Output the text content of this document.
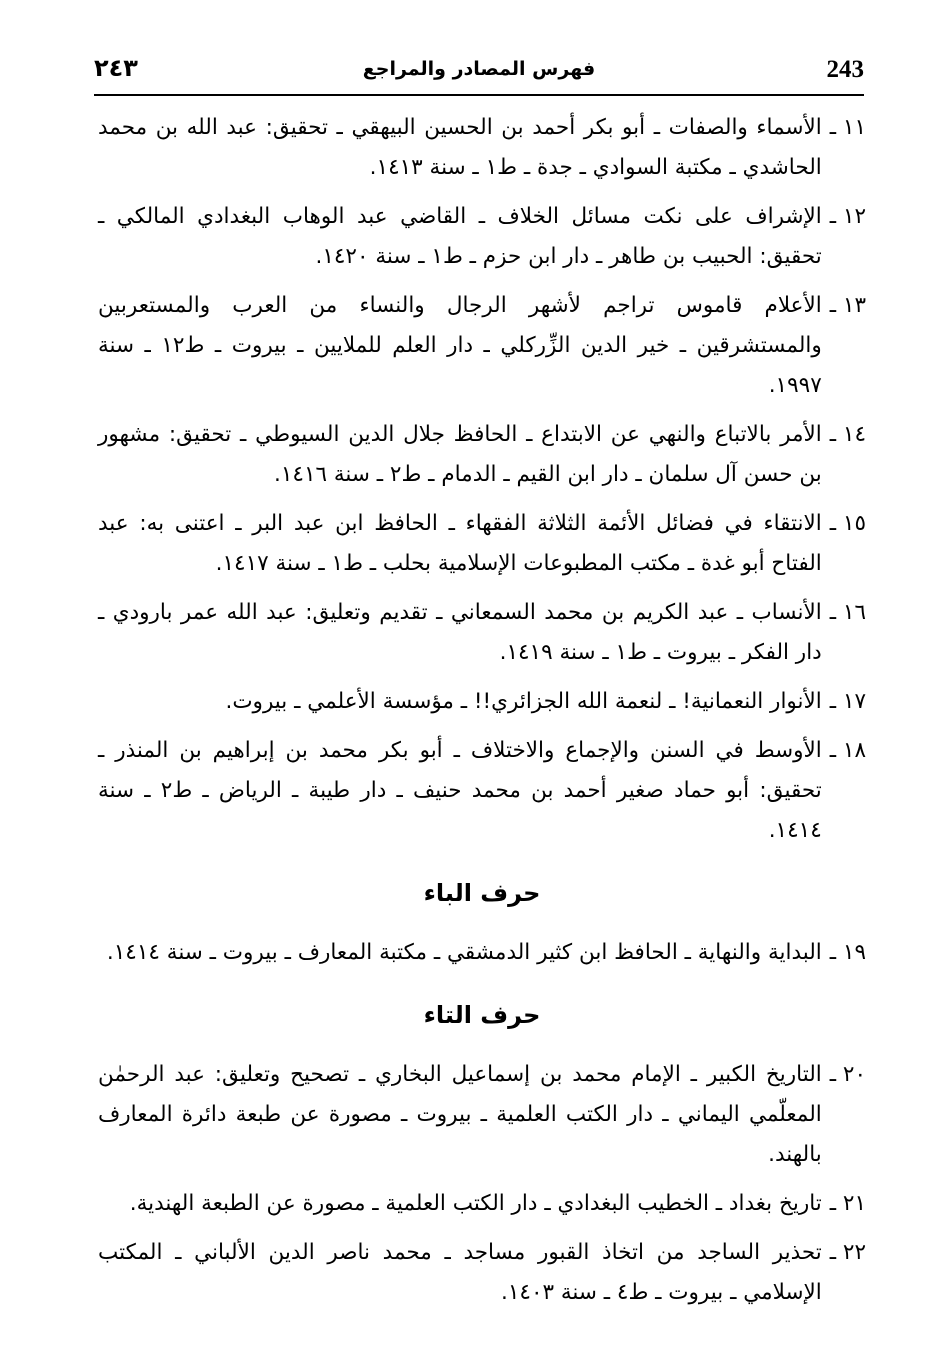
243
فهرس المصادر والمراجع
٢٤٣
١١ ـ
الأسماء والصفات ـ أبو بكر أحمد بن الحسين البيهقي ـ تحقيق: عبد الله بن محمد الحاشدي ـ مكتبة السوادي ـ جدة ـ ط١ ـ سنة ١٤١٣.
١٢ ـ
الإشراف على نكت مسائل الخلاف ـ القاضي عبد الوهاب البغدادي المالكي ـ تحقيق: الحبيب بن طاهر ـ دار ابن حزم ـ ط١ ـ سنة ١٤٢٠.
١٣ ـ
الأعلام قاموس تراجم لأشهر الرجال والنساء من العرب والمستعربين والمستشرقين ـ خير الدين الزِّركلي ـ دار العلم للملايين ـ بيروت ـ ط١٢ ـ سنة ١٩٩٧.
١٤ ـ
الأمر بالاتباع والنهي عن الابتداع ـ الحافظ جلال الدين السيوطي ـ تحقيق: مشهور بن حسن آل سلمان ـ دار ابن القيم ـ الدمام ـ ط٢ ـ سنة ١٤١٦.
١٥ ـ
الانتقاء في فضائل الأئمة الثلاثة الفقهاء ـ الحافظ ابن عبد البر ـ اعتنى به: عبد الفتاح أبو غدة ـ مكتب المطبوعات الإسلامية بحلب ـ ط١ ـ سنة ١٤١٧.
١٦ ـ
الأنساب ـ عبد الكريم بن محمد السمعاني ـ تقديم وتعليق: عبد الله عمر بارودي ـ دار الفكر ـ بيروت ـ ط١ ـ سنة ١٤١٩.
١٧ ـ
الأنوار النعمانية! ـ لنعمة الله الجزائري!! ـ مؤسسة الأعلمي ـ بيروت.
١٨ ـ
الأوسط في السنن والإجماع والاختلاف ـ أبو بكر محمد بن إبراهيم بن المنذر ـ تحقيق: أبو حماد صغير أحمد بن محمد حنيف ـ دار طيبة ـ الرياض ـ ط٢ ـ سنة ١٤١٤.
حرف الباء
١٩ ـ
البداية والنهاية ـ الحافظ ابن كثير الدمشقي ـ مكتبة المعارف ـ بيروت ـ سنة ١٤١٤.
حرف التاء
٢٠ ـ
التاريخ الكبير ـ الإمام محمد بن إسماعيل البخاري ـ تصحيح وتعليق: عبد الرحمٰن المعلّمي اليماني ـ دار الكتب العلمية ـ بيروت ـ مصورة عن طبعة دائرة المعارف بالهند.
٢١ ـ
تاريخ بغداد ـ الخطيب البغدادي ـ دار الكتب العلمية ـ مصورة عن الطبعة الهندية.
٢٢ ـ
تحذير الساجد من اتخاذ القبور مساجد ـ محمد ناصر الدين الألباني ـ المكتب الإسلامي ـ بيروت ـ ط٤ ـ سنة ١٤٠٣.
